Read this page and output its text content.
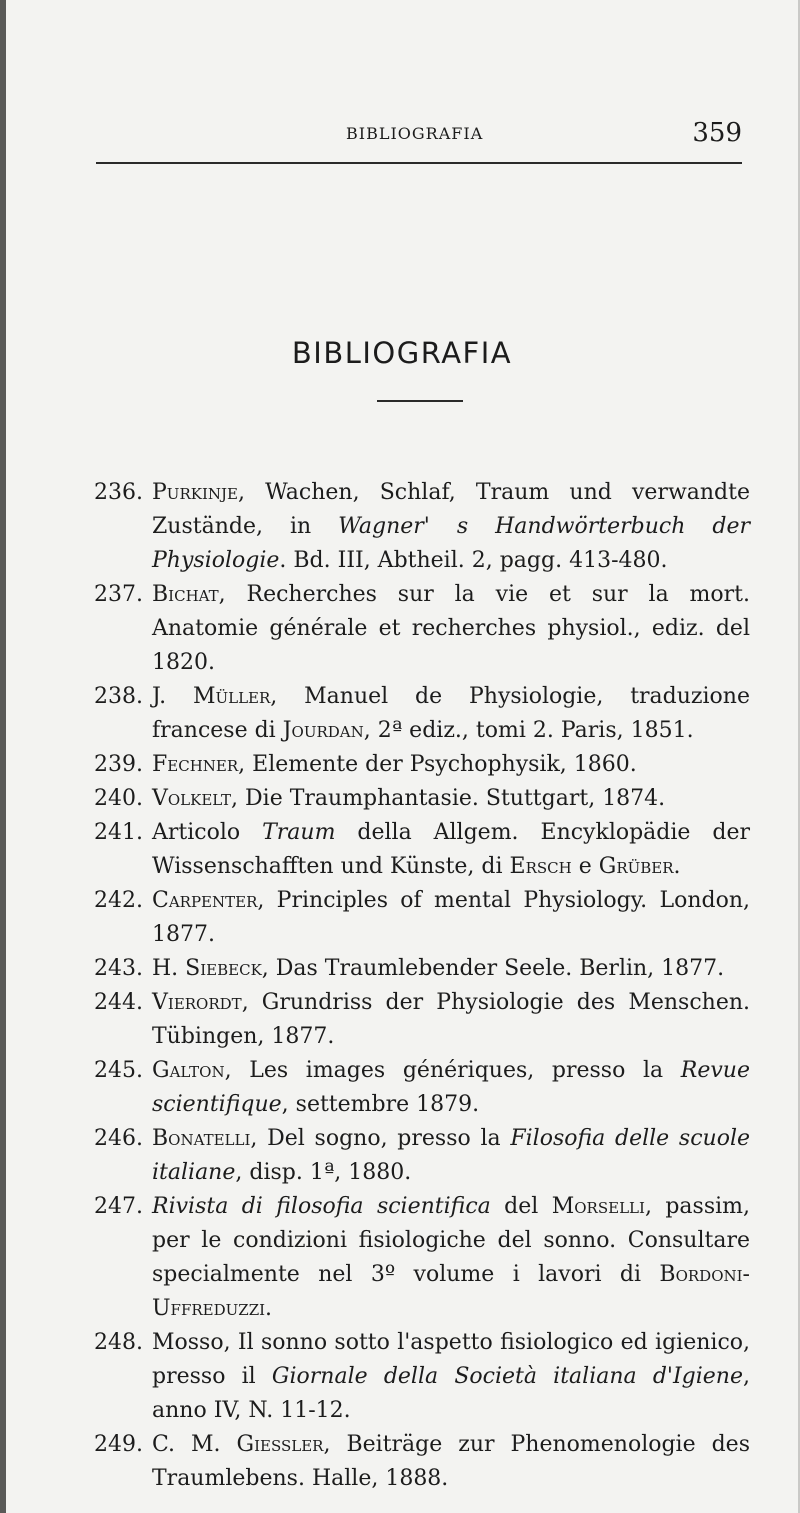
BIBLIOGRAFIA	359
BIBLIOGRAFIA
236. Purkinje, Wachen, Schlaf, Traum und verwandte Zustände, in Wagner' s Handwörterbuch der Physiologie. Bd. III, Abtheil. 2, pagg. 413-480.
237. Bichat, Recherches sur la vie et sur la mort. Anatomie générale et recherches physiol., ediz. del 1820.
238. J. Müller, Manuel de Physiologie, traduzione francese di Jourdan, 2ª ediz., tomi 2. Paris, 1851.
239. Fechner, Elemente der Psychophysik, 1860.
240. Volkelt, Die Traumphantasie. Stuttgart, 1874.
241. Articolo Traum della Allgem. Encyklopädie der Wissenschafften und Künste, di Ersch e Grüber.
242. Carpenter, Principles of mental Physiology. London, 1877.
243. H. Siebeck, Das Traumlebender Seele. Berlin, 1877.
244. Vierordt, Grundriss der Physiologie des Menschen. Tübingen, 1877.
245. Galton, Les images génériques, presso la Revue scientifique, settembre 1879.
246. Bonatelli, Del sogno, presso la Filosofia delle scuole italiane, disp. 1ª, 1880.
247. Rivista di filosofia scientifica del Morselli, passim, per le condizioni fisiologiche del sonno. Consultare specialmente nel 3º volume i lavori di Bordoni-Uffreduzzi.
248. Mosso, Il sonno sotto l'aspetto fisiologico ed igienico, presso il Giornale della Società italiana d'Igiene, anno IV, N. 11-12.
249. C. M. Giessler, Beiträge zur Phenomenologie des Traumlebens. Halle, 1888.
